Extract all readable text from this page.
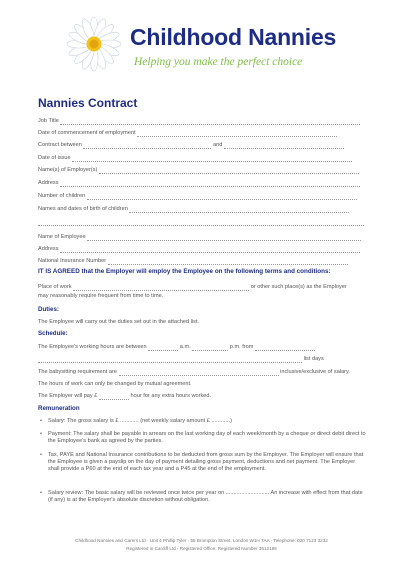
Childhood Nannies
Helping you make the perfect choice
Nannies Contract
Job Title
Date of commencement of employment
Contract between	and
Date of issue
Name(s) of Employer(s)
Address
Number of children
Names and dates of birth of children
Name of Employee
Address
National Insurance Number
IT IS AGREED that the Employer will employ the Employee on the following terms and conditions:
Place of work	or other such place(s) as the Employer
may reasonably require frequent from time to time.
Duties:
The Employee will carry out the duties set out in the attached list.
Schedule:
The Employee's working hours are between	a.m.	p.m. from
list days
The babysitting requirement are	inclusive/exclusive of salary.
The hours of work can only be changed by mutual agreement.
The Employer will pay £	hour for any extra hours worked.
Remuneration
• Salary: The gross salary is £ ............ (net weekly salary amount £ ............)
• Payment: The salary shall be payable in arrears on the last working day of each week/month by a cheque or direct debit direct to the Employee's bank as agreed by the parties.
• Tax, PAYE and National Insurance contributions to be deducted from gross sum by the Employer. The Employer will ensure that the Employee is given a payslip on the day of payment detailing gross payment, deductions and net payment. The Employer shall provide a P60 at the end of each tax year and a P45 at the end of the employment.
• Salary review: The basic salary will be reviewed once twice per year on ............................ An increase with effect from that date (if any) is at the Employer's absolute discretion without obligation.
Childhood Nannies and Carers Ltd · Unit 4 Phillip Tyler · 55 Brompton Street, London W1H 7AA · Telephone: 020 7123 3232
Registered in Cardiff Ltd · Registered Office: Registered Number 3512189
